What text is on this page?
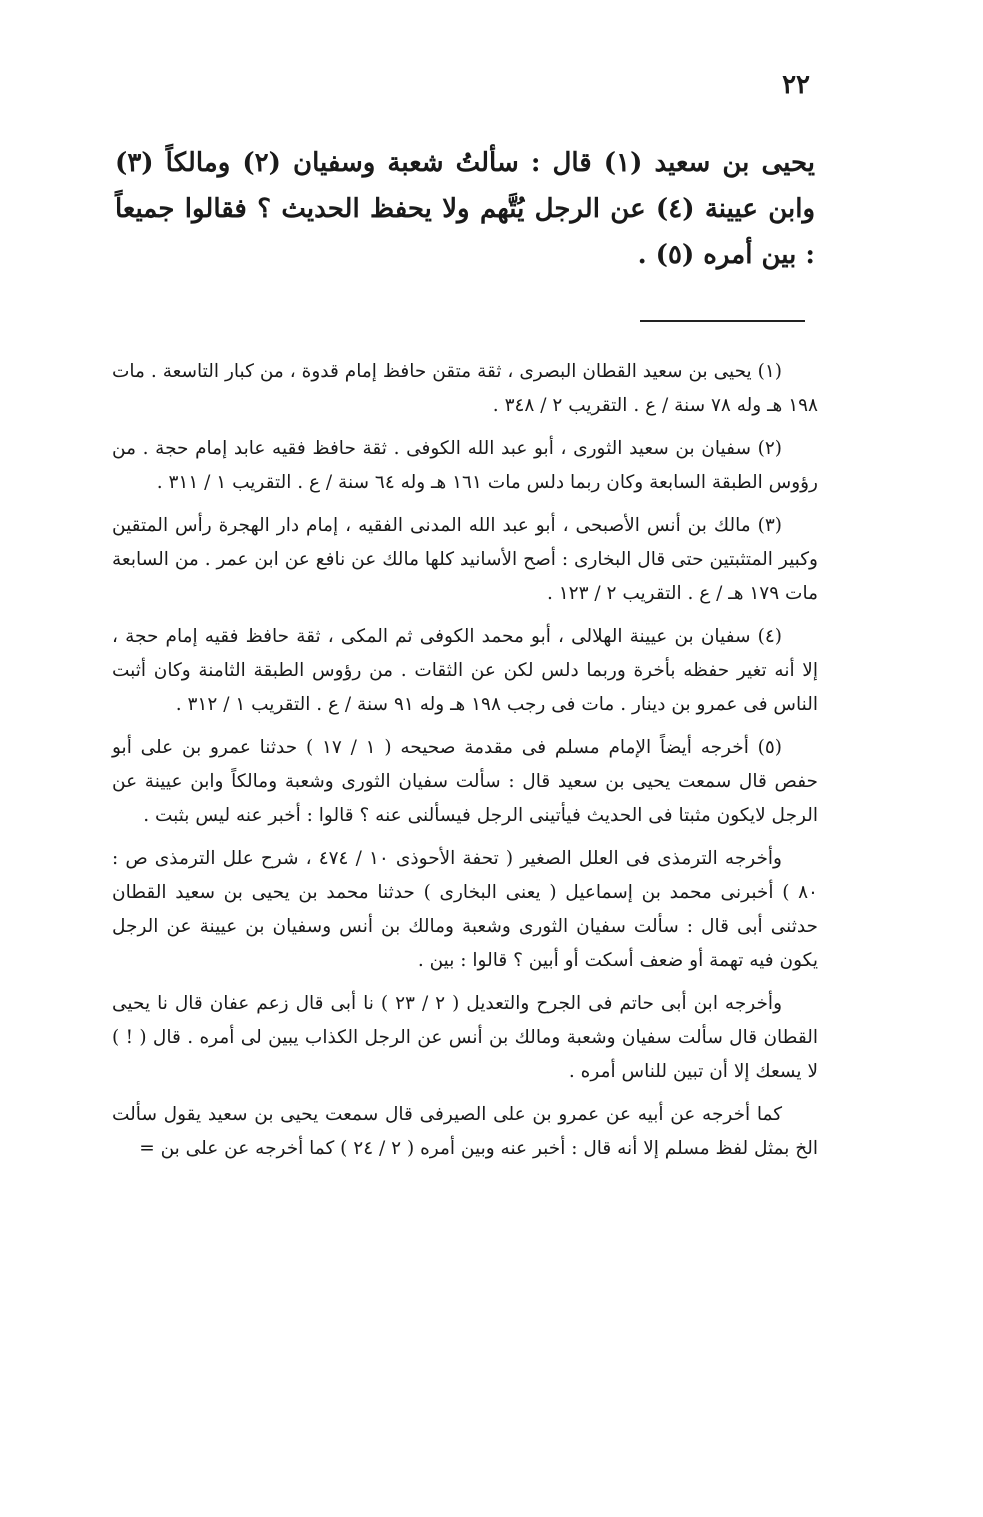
٢٢
يحيى بن سعيد (١) قال : سألتُ شعبة وسفيان (٢) ومالكاً (٣) وابن عيينة (٤) عن الرجل يُتَّهم ولا يحفظ الحديث ؟ فقالوا جميعاً : بين أمره (٥) .

(١) يحيى بن سعيد القطان البصرى ، ثقة متقن حافظ إمام قدوة ، من كبار التاسعة . مات ١٩٨ هـ وله ٧٨ سنة / ع . التقريب ٢ / ٣٤٨ .

(٢) سفيان بن سعيد الثورى ، أبو عبد الله الكوفى . ثقة حافظ فقيه عابد إمام حجة . من رؤوس الطبقة السابعة وكان ربما دلس مات ١٦١ هـ وله ٦٤ سنة / ع . التقريب ١ / ٣١١ .

(٣) مالك بن أنس الأصبحى ، أبو عبد الله المدنى الفقيه ، إمام دار الهجرة رأس المتقين وكبير المتثبتين حتى قال البخارى : أصح الأسانيد كلها مالك عن نافع عن ابن عمر . من السابعة مات ١٧٩ هـ / ع . التقريب ٢ / ١٢٣ .

(٤) سفيان بن عيينة الهلالى ، أبو محمد الكوفى ثم المكى ، ثقة حافظ فقيه إمام حجة ، إلا أنه تغير حفظه بأخرة وربما دلس لكن عن الثقات . من رؤوس الطبقة الثامنة وكان أثبت الناس فى عمرو بن دينار . مات فى رجب ١٩٨ هـ وله ٩١ سنة / ع . التقريب ١ / ٣١٢ .

(٥) أخرجه أيضاً الإمام مسلم فى مقدمة صحيحه ( ١ / ١٧ ) حدثنا عمرو بن على أبو حفص قال سمعت يحيى بن سعيد قال : سألت سفيان الثورى وشعبة ومالكاً وابن عيينة عن الرجل لايكون مثبتا فى الحديث فيأتينى الرجل فيسألنى عنه ؟ قالوا : أخبر عنه ليس بثبت .

وأخرجه الترمذى فى العلل الصغير ( تحفة الأحوذى ١٠ / ٤٧٤ ، شرح علل الترمذى ص : ٨٠ ) أخبرنى محمد بن إسماعيل ( يعنى البخارى ) حدثنا محمد بن يحيى بن سعيد القطان حدثنى أبى قال : سألت سفيان الثورى وشعبة ومالك بن أنس وسفيان بن عيينة عن الرجل يكون فيه تهمة أو ضعف أسكت أو أبين ؟ قالوا : بين .

وأخرجه ابن أبى حاتم فى الجرح والتعديل ( ٢ / ٢٣ ) نا أبى قال زعم عفان قال نا يحيى القطان قال سألت سفيان وشعبة ومالك بن أنس عن الرجل الكذاب يبين لى أمره . قال ( ! ) لا يسعك إلا أن تبين للناس أمره .

كما أخرجه عن أبيه عن عمرو بن على الصيرفى قال سمعت يحيى بن سعيد يقول سألت الخ بمثل لفظ مسلم إلا أنه قال : أخبر عنه وبين أمره ( ٢ / ٢٤ ) كما أخرجه عن على بن =
